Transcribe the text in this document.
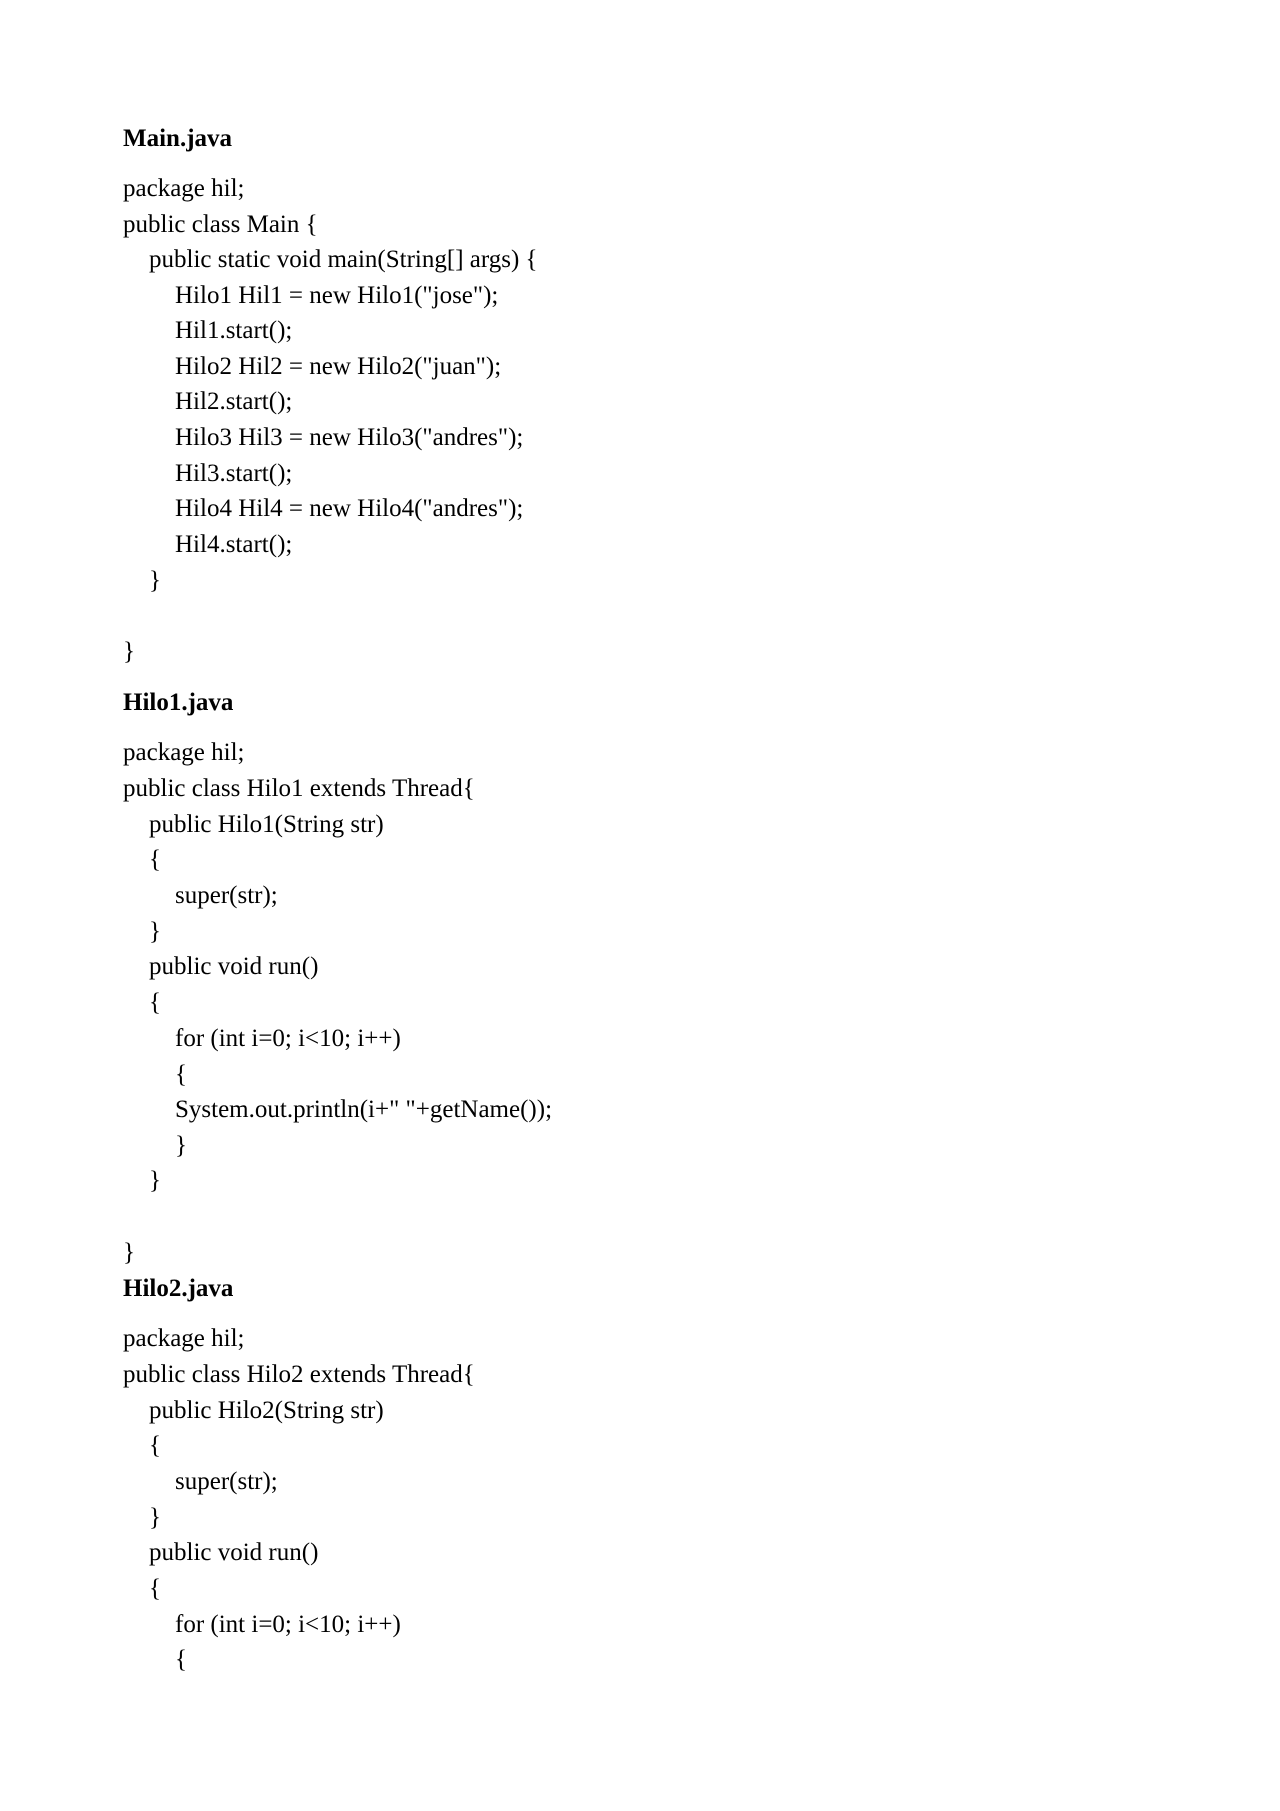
Main.java
package hil;
public class Main {
public static void main(String[] args) {
Hilo1 Hil1 = new Hilo1("jose");
Hil1.start();
Hilo2 Hil2 = new Hilo2("juan");
Hil2.start();
Hilo3 Hil3 = new Hilo3("andres");
Hil3.start();
Hilo4 Hil4 = new Hilo4("andres");
Hil4.start();
}
}
Hilo1.java
package hil;
public class Hilo1 extends Thread{
public Hilo1(String str)
{
super(str);
}
public void run()
{
for (int i=0; i<10; i++)
{
System.out.println(i+" "+getName());
}
}
}
Hilo2.java
package hil;
public class Hilo2 extends Thread{
public Hilo2(String str)
{
super(str);
}
public void run()
{
for (int i=0; i<10; i++)
{
